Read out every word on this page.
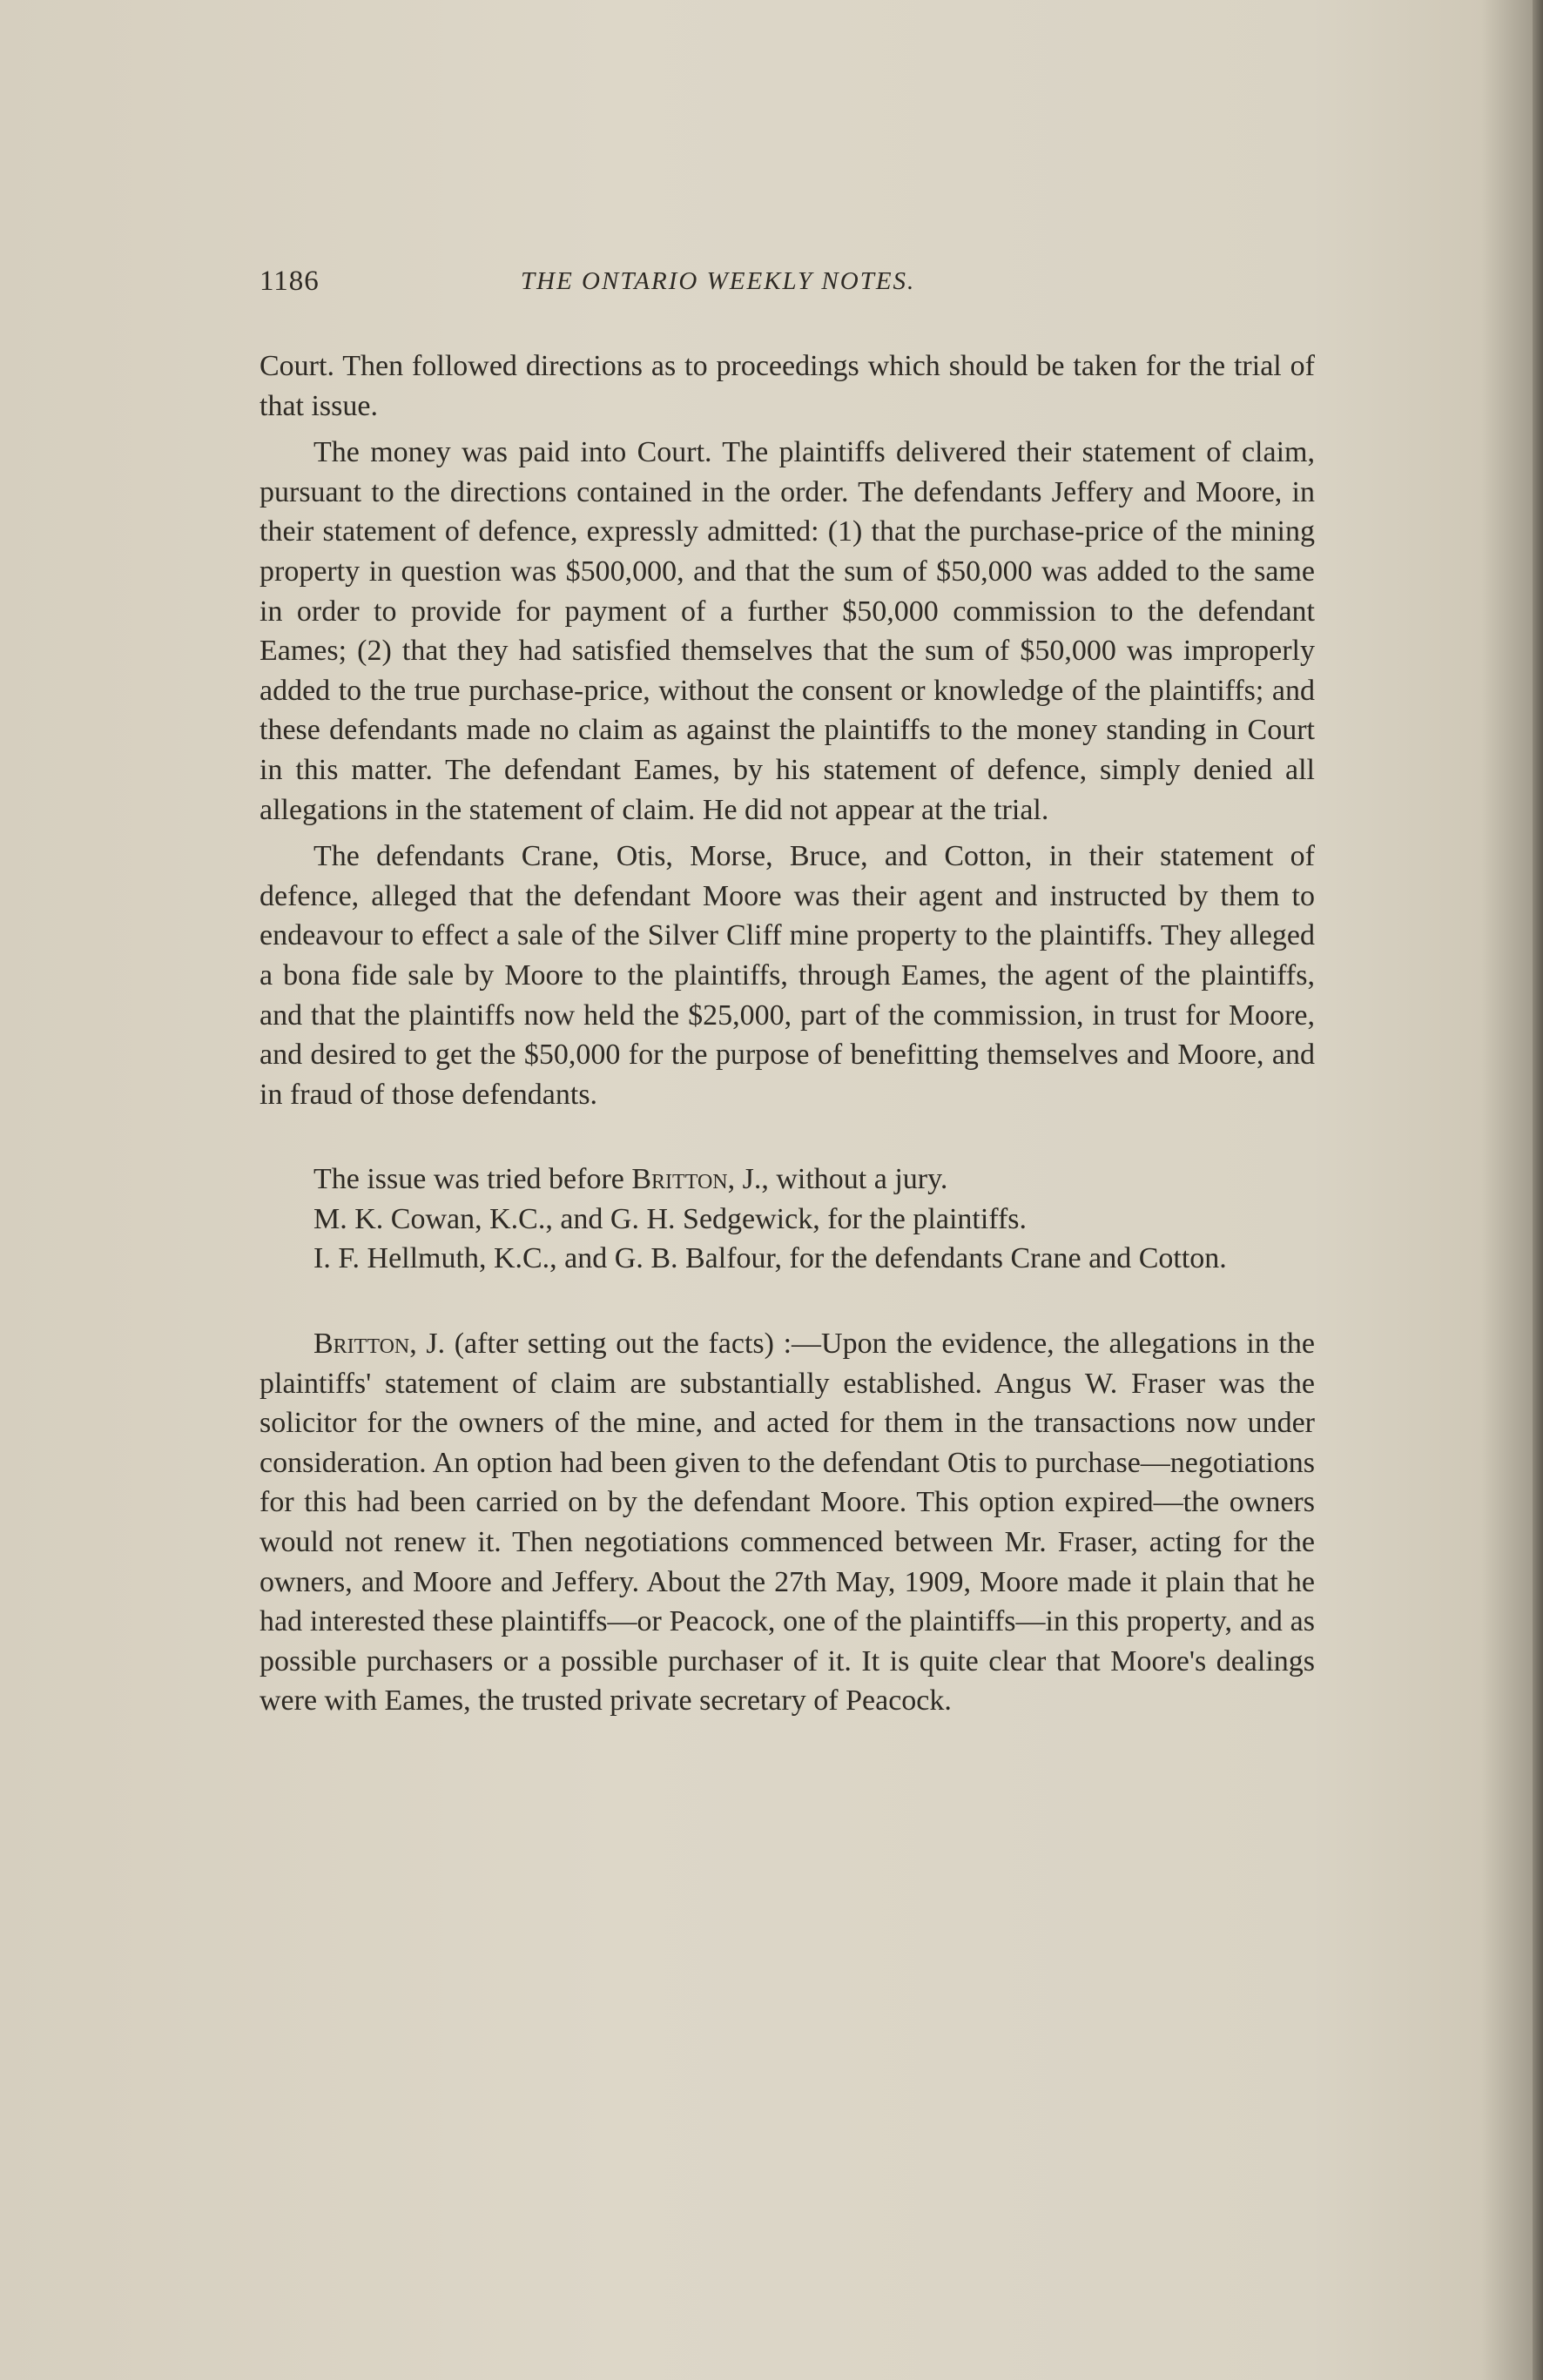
1186	THE ONTARIO WEEKLY NOTES.

Court. Then followed directions as to proceedings which should be taken for the trial of that issue.

The money was paid into Court. The plaintiffs delivered their statement of claim, pursuant to the directions contained in the order. The defendants Jeffery and Moore, in their statement of defence, expressly admitted: (1) that the purchase-price of the mining property in question was $500,000, and that the sum of $50,000 was added to the same in order to provide for payment of a further $50,000 commission to the defendant Eames; (2) that they had satisfied themselves that the sum of $50,000 was improperly added to the true purchase-price, without the consent or knowledge of the plaintiffs; and these defendants made no claim as against the plaintiffs to the money standing in Court in this matter. The defendant Eames, by his statement of defence, simply denied all allegations in the statement of claim. He did not appear at the trial.

The defendants Crane, Otis, Morse, Bruce, and Cotton, in their statement of defence, alleged that the defendant Moore was their agent and instructed by them to endeavour to effect a sale of the Silver Cliff mine property to the plaintiffs. They alleged a bona fide sale by Moore to the plaintiffs, through Eames, the agent of the plaintiffs, and that the plaintiffs now held the $25,000, part of the commission, in trust for Moore, and desired to get the $50,000 for the purpose of benefitting themselves and Moore, and in fraud of those defendants.

The issue was tried before Britton, J., without a jury.

M. K. Cowan, K.C., and G. H. Sedgewick, for the plaintiffs.

I. F. Hellmuth, K.C., and G. B. Balfour, for the defendants Crane and Cotton.

Britton, J. (after setting out the facts) :—Upon the evidence, the allegations in the plaintiffs' statement of claim are substantially established. Angus W. Fraser was the solicitor for the owners of the mine, and acted for them in the transactions now under consideration. An option had been given to the defendant Otis to purchase—negotiations for this had been carried on by the defendant Moore. This option expired—the owners would not renew it. Then negotiations commenced between Mr. Fraser, acting for the owners, and Moore and Jeffery. About the 27th May, 1909, Moore made it plain that he had interested these plaintiffs—or Peacock, one of the plaintiffs—in this property, and as possible purchasers or a possible purchaser of it. It is quite clear that Moore's dealings were with Eames, the trusted private secretary of Peacock.
